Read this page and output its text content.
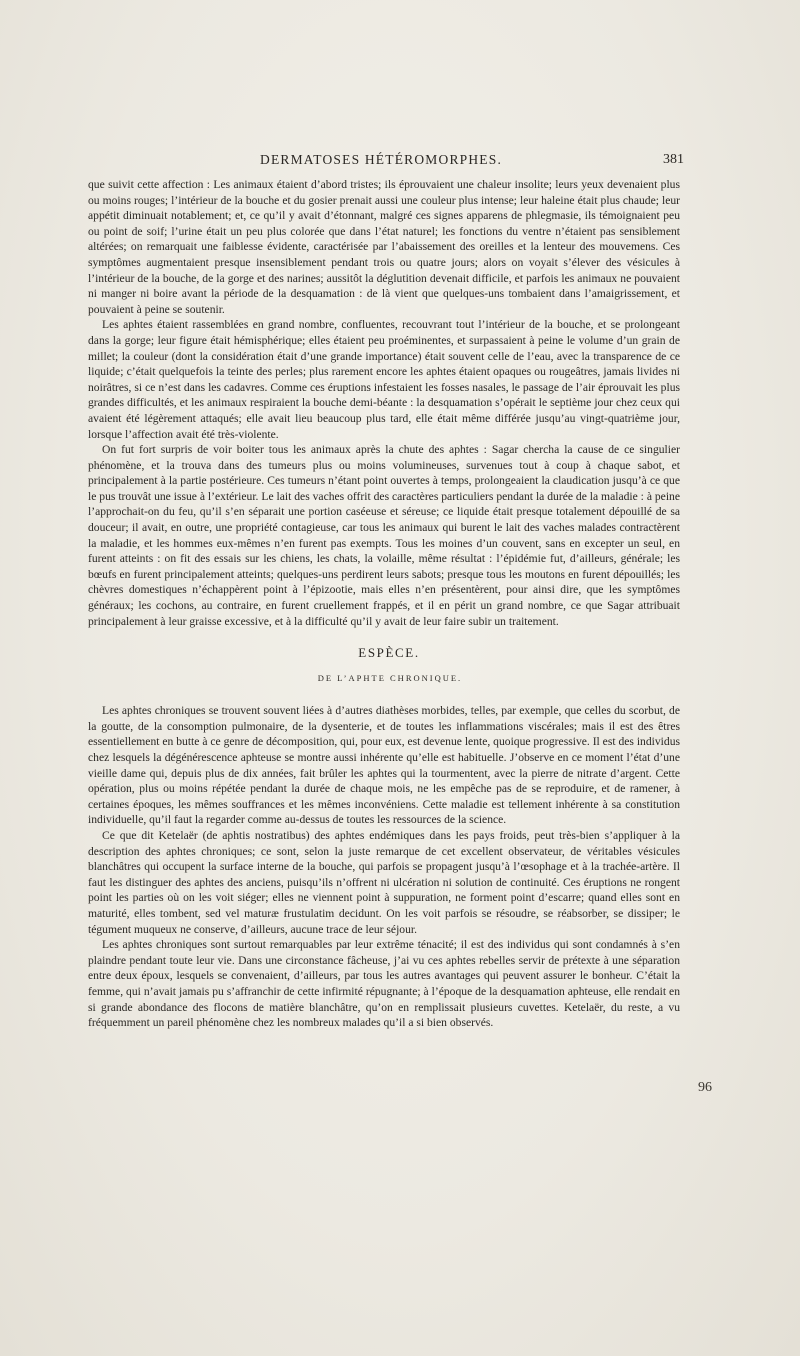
DERMATOSES HÉTÉROMORPHES.	381

que suivit cette affection : Les animaux étaient d’abord tristes; ils éprouvaient une chaleur insolite; leurs yeux devenaient plus ou moins rouges; l’intérieur de la bouche et du gosier prenait aussi une couleur plus intense; leur haleine était plus chaude; leur appétit diminuait notablement; et, ce qu’il y avait d’étonnant, malgré ces signes apparens de phlegmasie, ils témoignaient peu ou point de soif; l’urine était un peu plus colorée que dans l’état naturel; les fonctions du ventre n’étaient pas sensiblement altérées; on remarquait une faiblesse évidente, caractérisée par l’abaissement des oreilles et la lenteur des mouvemens. Ces symptômes augmentaient presque insensiblement pendant trois ou quatre jours; alors on voyait s’élever des vésicules à l’intérieur de la bouche, de la gorge et des narines; aussitôt la déglutition devenait difficile, et parfois les animaux ne pouvaient ni manger ni boire avant la période de la desquamation : de là vient que quelques-uns tombaient dans l’amaigrissement, et pouvaient à peine se soutenir.

Les aphtes étaient rassemblées en grand nombre, confluentes, recouvrant tout l’intérieur de la bouche, et se prolongeant dans la gorge; leur figure était hémisphérique; elles étaient peu proéminentes, et surpassaient à peine le volume d’un grain de millet; la couleur (dont la considération était d’une grande importance) était souvent celle de l’eau, avec la transparence de ce liquide; c’était quelquefois la teinte des perles; plus rarement encore les aphtes étaient opaques ou rougeâtres, jamais livides ni noirâtres, si ce n’est dans les cadavres. Comme ces éruptions infestaient les fosses nasales, le passage de l’air éprouvait les plus grandes difficultés, et les animaux respiraient la bouche demi-béante : la desquamation s’opérait le septième jour chez ceux qui avaient été légèrement attaqués; elle avait lieu beaucoup plus tard, elle était même différée jusqu’au vingt-quatrième jour, lorsque l’affection avait été très-violente.

On fut fort surpris de voir boiter tous les animaux après la chute des aphtes : Sagar chercha la cause de ce singulier phénomène, et la trouva dans des tumeurs plus ou moins volumineuses, survenues tout à coup à chaque sabot, et principalement à la partie postérieure. Ces tumeurs n’étant point ouvertes à temps, prolongeaient la claudication jusqu’à ce que le pus trouvât une issue à l’extérieur. Le lait des vaches offrit des caractères particuliers pendant la durée de la maladie : à peine l’approchait-on du feu, qu’il s’en séparait une portion caséeuse et séreuse; ce liquide était presque totalement dépouillé de sa douceur; il avait, en outre, une propriété contagieuse, car tous les animaux qui burent le lait des vaches malades contractèrent la maladie, et les hommes eux-mêmes n’en furent pas exempts. Tous les moines d’un couvent, sans en excepter un seul, en furent atteints : on fit des essais sur les chiens, les chats, la volaille, même résultat : l’épidémie fut, d’ailleurs, générale; les bœufs en furent principalement atteints; quelques-uns perdirent leurs sabots; presque tous les moutons en furent dépouillés; les chèvres domestiques n’échappèrent point à l’épizootie, mais elles n’en présentèrent, pour ainsi dire, que les symptômes généraux; les cochons, au contraire, en furent cruellement frappés, et il en périt un grand nombre, ce que Sagar attribuait principalement à leur graisse excessive, et à la difficulté qu’il y avait de leur faire subir un traitement.

ESPÈCE.
DE L’APHTE CHRONIQUE.

Les aphtes chroniques se trouvent souvent liées à d’autres diathèses morbides, telles, par exemple, que celles du scorbut, de la goutte, de la consomption pulmonaire, de la dysenterie, et de toutes les inflammations viscérales; mais il est des êtres essentiellement en butte à ce genre de décomposition, qui, pour eux, est devenue lente, quoique progressive. Il est des individus chez lesquels la dégénérescence aphteuse se montre aussi inhérente qu’elle est habituelle. J’observe en ce moment l’état d’une vieille dame qui, depuis plus de dix années, fait brûler les aphtes qui la tourmentent, avec la pierre de nitrate d’argent. Cette opération, plus ou moins répétée pendant la durée de chaque mois, ne les empêche pas de se reproduire, et de ramener, à certaines époques, les mêmes souffrances et les mêmes inconvéniens. Cette maladie est tellement inhérente à sa constitution individuelle, qu’il faut la regarder comme au-dessus de toutes les ressources de la science.

Ce que dit Ketelaër (de aphtis nostratibus) des aphtes endémiques dans les pays froids, peut très-bien s’appliquer à la description des aphtes chroniques; ce sont, selon la juste remarque de cet excellent observateur, de véritables vésicules blanchâtres qui occupent la surface interne de la bouche, qui parfois se propagent jusqu’à l’œsophage et à la trachée-artère. Il faut les distinguer des aphtes des anciens, puisqu’ils n’offrent ni ulcération ni solution de continuité. Ces éruptions ne rongent point les parties où on les voit siéger; elles ne viennent point à suppuration, ne forment point d’escarre; quand elles sont en maturité, elles tombent, sed vel maturæ frustulatim decidunt. On les voit parfois se résoudre, se réabsorber, se dissiper; le tégument muqueux ne conserve, d’ailleurs, aucune trace de leur séjour.

Les aphtes chroniques sont surtout remarquables par leur extrême ténacité; il est des individus qui sont condamnés à s’en plaindre pendant toute leur vie. Dans une circonstance fâcheuse, j’ai vu ces aphtes rebelles servir de prétexte à une séparation entre deux époux, lesquels se convenaient, d’ailleurs, par tous les autres avantages qui peuvent assurer le bonheur. C’était la femme, qui n’avait jamais pu s’affranchir de cette infirmité répugnante; à l’époque de la desquamation aphteuse, elle rendait en si grande abondance des flocons de matière blanchâtre, qu’on en remplissait plusieurs cuvettes. Ketelaër, du reste, a vu fréquemment un pareil phénomène chez les nombreux malades qu’il a si bien observés.

96
